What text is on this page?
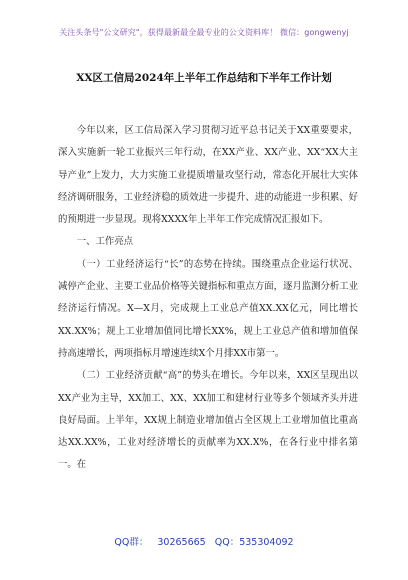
关注头条号"公文研究"，获得最新最全最专业的公文资料库！ 微信：gongwenyj
XX区工信局2024年上半年工作总结和下半年工作计划

今年以来，区工信局深入学习贯彻习近平总书记关于XX重要要求，深入实施新一轮工业振兴三年行动，在XX产业、XX产业、XX“XX大主导产业”上发力，大力实施工业提质增量攻坚行动，常态化开展壮大实体经济调研服务，工业经济稳的质效进一步提升、进的动能进一步积累、好的预期进一步显现。现将XXXX年上半年工作完成情况汇报如下。

一、工作亮点

（一）工业经济运行“长”的态势在持续。围绕重点企业运行状况、减停产企业、主要工业品价格等关键指标和重点方面，逐月监测分析工业经济运行情况。X—X月，完成规上工业总产值XX.XX亿元，同比增长XX.XX%；规上工业增加值同比增长XX%，规上工业总产值和增加值保持高速增长，两项指标月增速连续X个月排XX市第一。

（二）工业经济贡献“高”的势头在增长。今年以来，XX区呈现出以XX产业为主导，XX加工、XX、XX加工和建材行业等多个领域齐头并进良好局面。上半年，XX规上制造业增加值占全区规上工业增加值比重高达XX.XX%，工业对经济增长的贡献率为XX.X%，在各行业中排名第一。在

QQ群： 30265665 QQ：535304092
